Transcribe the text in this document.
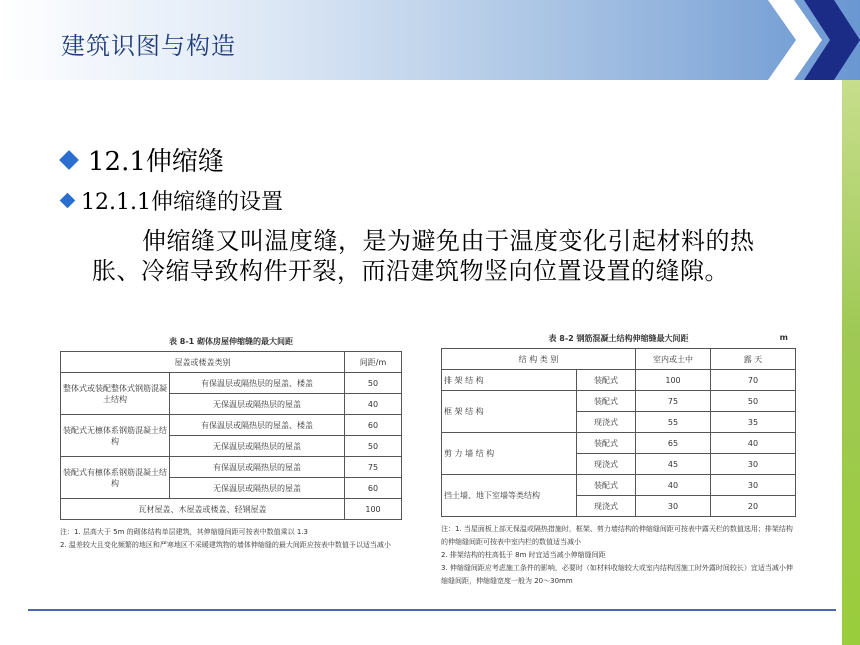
建筑识图与构造
12.1伸缩缝
12.1.1伸缩缝的设置
伸缩缝又叫温度缝，是为避免由于温度变化引起材料的热胀、冷缩导致构件开裂，而沿建筑物竖向位置设置的缝隙。
表 8-1 砌体房屋伸缩缝的最大间距
屋盖或楼盖类别		间距/m
整体式或装配整体式钢筋混凝土结构	有保温层或隔热层的屋盖、楼盖	50
	无保温层或隔热层的屋盖	40
装配式无檩体系钢筋混凝土结构	有保温层或隔热层的屋盖、楼盖	60
	无保温层或隔热层的屋盖	50
装配式有檩体系钢筋混凝土结构	有保温层或隔热层的屋盖	75
	无保温层或隔热层的屋盖	60
瓦材屋盖、木屋盖或楼盖、轻钢屋盖		100
注：1. 层高大于 5m 的砌体结构单层建筑，其伸缩缝间距可按表中数值乘以 1.3
2. 温差较大且变化频繁的地区和严寒地区不采暖建筑物的墙体伸缩缝的最大间距应按表中数值予以适当减小
表 8-2 钢筋混凝土结构伸缩缝最大间距	m
结 构 类 别		室内或土中	露 天
排 架 结 构	装配式	100	70
框 架 结 构	装配式	75	50
	现浇式	55	35
剪 力 墙 结 构	装配式	65	40
	现浇式	45	30
挡土墙、地下室墙等类结构	装配式	40	30
	现浇式	30	20
注：1. 当屋面板上部无保温或隔热措施时，框架、剪力墙结构的伸缩缝间距可按表中露天栏的数值选用；排架结构的伸缩缝间距可按表中室内栏的数值适当减小
2. 排架结构的柱高低于 8m 时宜适当减小伸缩缝间距
3. 伸缩缝间距应考虑施工条件的影响，必要时（如材料收缩较大或室内结构因施工时外露时间较长）宜适当减小伸缩缝间距，伸缩缝宽度一般为 20～30mm
